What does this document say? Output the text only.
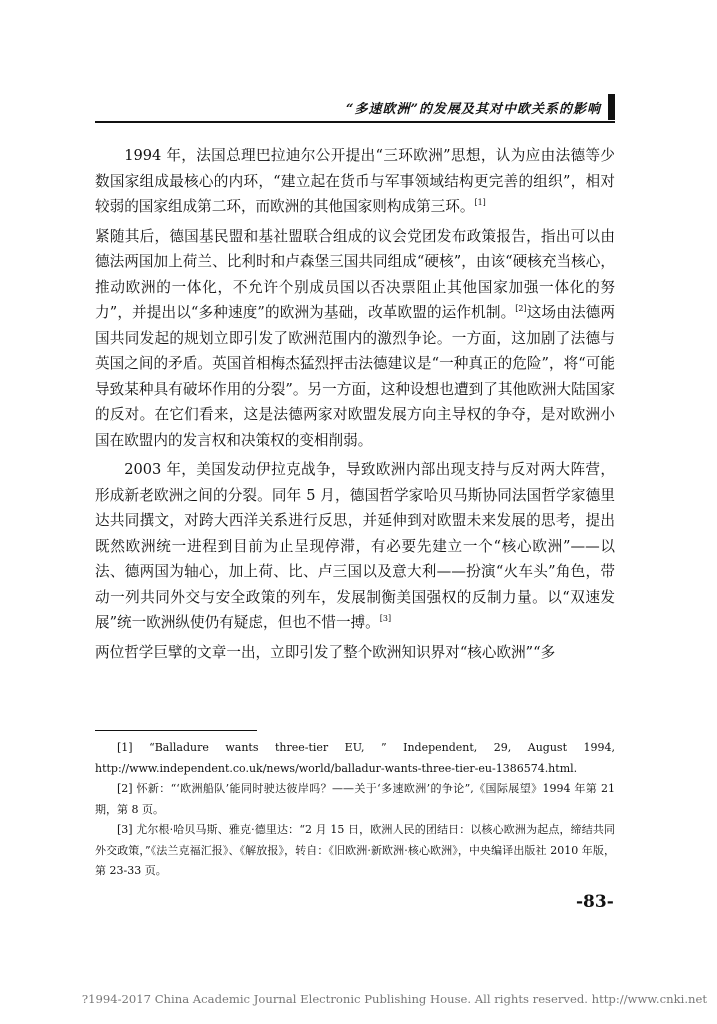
“多速欧洲”的发展及其对中欧关系的影响

1994 年，法国总理巴拉迪尔公开提出“三环欧洲”思想，认为应由法德等少数国家组成最核心的内环，“建立起在货币与军事领域结构更完善的组织”，相对较弱的国家组成第二环，而欧洲的其他国家则构成第三环。[1]

紧随其后，德国基民盟和基社盟联合组成的议会党团发布政策报告，指出可以由德法两国加上荷兰、比利时和卢森堡三国共同组成“硬核”，由该“硬核充当核心，推动欧洲的一体化，不允许个别成员国以否决票阻止其他国家加强一体化的努力”，并提出以“多种速度”的欧洲为基础，改革欧盟的运作机制。[2]这场由法德两国共同发起的规划立即引发了欧洲范围内的激烈争论。一方面，这加剧了法德与英国之间的矛盾。英国首相梅杰猛烈抨击法德建议是“一种真正的危险”，将“可能导致某种具有破坏作用的分裂”。另一方面，这种设想也遭到了其他欧洲大陆国家的反对。在它们看来，这是法德两家对欧盟发展方向主导权的争夺，是对欧洲小国在欧盟内的发言权和决策权的变相削弱。

2003 年，美国发动伊拉克战争，导致欧洲内部出现支持与反对两大阵营，形成新老欧洲之间的分裂。同年 5 月，德国哲学家哈贝马斯协同法国哲学家德里达共同撰文，对跨大西洋关系进行反思，并延伸到对欧盟未来发展的思考，提出既然欧洲统一进程到目前为止呈现停滞，有必要先建立一个“核心欧洲”——以法、德两国为轴心，加上荷、比、卢三国以及意大利——扮演“火车头”角色，带动一列共同外交与安全政策的列车，发展制衡美国强权的反制力量。以“双速发展”统一欧洲纵使仍有疑虑，但也不惜一搏。[3]

两位哲学巨擘的文章一出，立即引发了整个欧洲知识界对“核心欧洲”“多

[1] “Balladure wants three-tier EU, ” Independent, 29, August 1994, http://www.independent.co.uk/news/world/balladur-wants-three-tier-eu-1386574.html.

[2] 怀新：“‘欧洲船队’能同时驶达彼岸吗？——关于‘多速欧洲’的争论”,《国际展望》1994 年第 21 期，第 8 页。

[3] 尤尔根·哈贝马斯、雅克·德里达：“2 月 15 日，欧洲人民的团结日：以核心欧洲为起点，缔结共同外交政策，”《法兰克福汇报》、《解放报》，转自：《旧欧洲·新欧洲·核心欧洲》，中央编译出版社 2010 年版，第 23-33 页。

-83-
?1994-2017 China Academic Journal Electronic Publishing House. All rights reserved. http://www.cnki.net
